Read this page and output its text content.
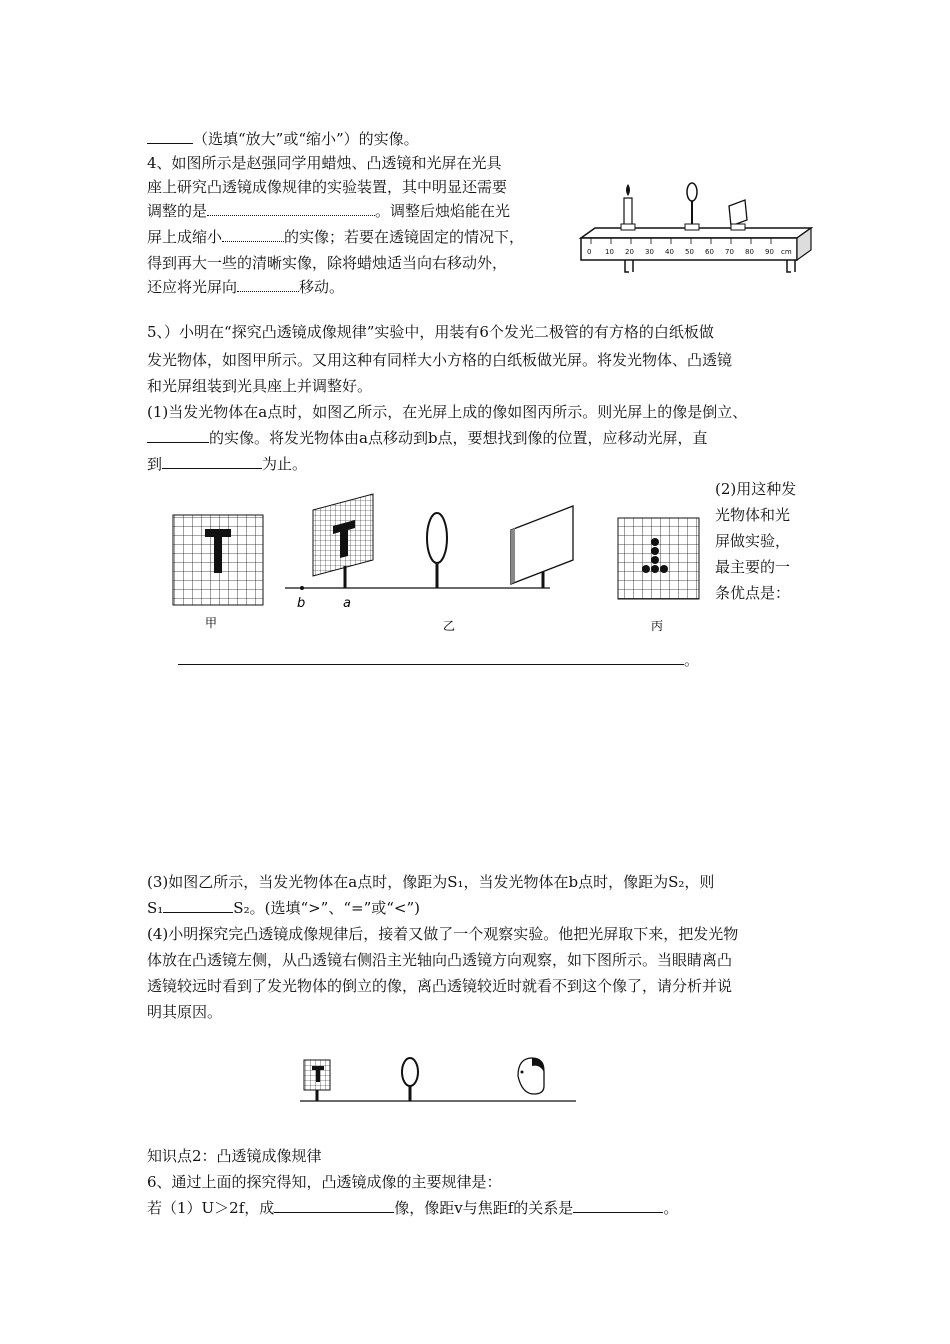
（选填“放大”或“缩小”）的实像。
4、如图所示是赵强同学用蜡烛、凸透镜和光屏在光具
座上研究凸透镜成像规律的实验装置，其中明显还需要
调整的是	。调整后烛焰能在光
屏上成缩小	的实像；若要在透镜固定的情况下，
得到再大一些的清晰实像，除将蜡烛适当向右移动外，
还应将光屏向	移动。
0 10 20 30 40 50 60 70 80 90 cm
5、）小明在“探究凸透镜成像规律”实验中，用装有6个发光二极管的有方格的白纸板做
发光物体，如图甲所示。又用这种有同样大小方格的白纸板做光屏。将发光物体、凸透镜
和光屏组装到光具座上并调整好。
(1)当发光物体在a点时，如图乙所示，在光屏上成的像如图丙所示。则光屏上的像是倒立、
的实像。将发光物体由a点移动到b点，要想找到像的位置，应移动光屏，直
到	为止。
(2)用这种发
光物体和光
屏做实验，
最主要的一
条优点是：
甲
b	a
乙	丙
。
(3)如图乙所示，当发光物体在a点时，像距为S₁，当发光物体在b点时，像距为S₂，则
S₁	S₂。(选填“>”、“=”或“<”)
(4)小明探究完凸透镜成像规律后，接着又做了一个观察实验。他把光屏取下来，把发光物
体放在凸透镜左侧，从凸透镜右侧沿主光轴向凸透镜方向观察，如下图所示。当眼睛离凸
透镜较远时看到了发光物体的倒立的像，离凸透镜较近时就看不到这个像了，请分析并说
明其原因。
知识点2：凸透镜成像规律
6、通过上面的探究得知，凸透镜成像的主要规律是：
若（1）U＞2f，成	像，像距v与焦距f的关系是	。
